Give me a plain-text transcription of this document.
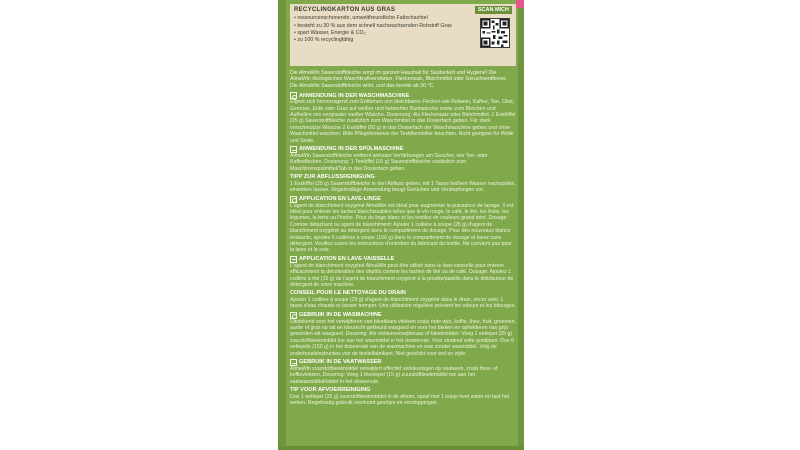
RECYCLINGKARTON AUS GRAS
• ressourcenschonende, umweltfreundliche Faltschachtel
• besteht zu 30 % aus dem schnell nachwachsenden Rohstoff Gras
• spart Wasser, Energie & CO₂
• zu 100 % recyclingfähig
SCAN MICH
Die AlmaWin Sauerstoffbleiche sorgt im ganzen Haushalt für Sauberkeit und Hygiene! Die AlmaWin ökologischen Waschkraftverstärker, Fleckensalz, Bleichmittel oder Geruchsentferner. Die AlmaWin Sauerstoffbleiche wirkt, und das bereits ab 30 °C.
ANWENDUNG IN DER WASCHMASCHINE
Eignet sich hervorragend zum Entfernen von bleichbaren Flecken wie Rotwein, Kaffee, Tee, Obst, Gemüse, Erde oder Gras auf weißer und farbechter Buntwäsche sowie zum Bleichen und Aufhellen von vergrauter weißer Wäsche. Dosierung: Als Fleckensalz oder Bleichmittel, 1 Esslöffel (25 g) Sauerstoffbleiche zusätzlich zum Waschmittel in das Dosierfach geben. Für stark verschmutzte Wäsche 2 Esslöffel (50 g) in das Dosierfach der Waschmaschine geben und ohne Waschmittel waschen. Bitte Pflegehinweise der Textilhersteller beachten. Nicht geeignet für Wolle und Seide.
ANWENDUNG IN DER SPÜLMASCHINE
AlmaWin Sauerstoffbleiche entfernt wirksam Verfärbungen am Geschirr, wie Tee- oder Kaffeeflecken. Dosierung: 1 Teelöffel (15 g) Sauerstoffbleiche zusätzlich zum Maschinenspülmittel/Tab in das Dosierfach geben.
TIPP ZUR ABFLUSSREINIGUNG
1 Esslöffel (25 g) Sauerstoffbleiche in den Abfluss geben, mit 1 Tasse heißem Wasser nachspülen, einwirken lassen. Regelmäßige Anwendung beugt Gerüchen und Verstopfungen vor.
APPLICATION EN LAVE-LINGE
L'agent de blanchiment oxygéné AlmaWin est idéal pour augmenter la puissance de lavage. Il est idéal pour enlever les taches blanchissables telles que le vin rouge, le café, le thé, les fruits, les légumes, la terre ou l'herbe. Pour du linge blanc et les textiles de couleurs grand teint. Dosage : Comme détachant ou agent de blanchiment: Ajouter 1 cuillère à soupe (25 g) d'agent de blanchiment oxygéné au détergent dans le compartiment de dosage. Pour des nouveaux blancs éclatants, ajoutez 6 cuillères à soupe (150 g) dans le compartiment de dosage et lavez sans détergent. Veuillez suivre les instructions d'entretien du fabricant du textile. Ne convient pas pour la laine et la soie.
APPLICATION EN LAVE-VAISSELLE
L'agent de blanchiment oxygéné AlmaWin peut être utilisé dans le lave-vaisselle pour enlever efficacement la décoloration des dépôts comme les taches de thé ou de café. Dosage: Ajoutez 1 cuillère à thé (15 g) de l'agent de blanchiment oxygéné à la poudre/pastille dans le distributeur de détergent de votre machine.
CONSEIL POUR LE NETTOYAGE DU DRAIN
Ajouter 1 cuillère à soupe (25 g) d'agent de blanchiment oxygéné dans le drain, rincer avec 1 tasse d'eau chaude et laisser tremper. Une utilisation régulière prévient les odeurs et les blocages.
GEBRUIK IN DE WASMACHINE
Uitstekend voor het verwijderen van bleekbare vlekken zoals rode wijn, koffie, thee, fruit, groenten, aarde of gras op wit en kleurecht gekleurd wasgoed en voor het bleken en ophelderen van grijs geworden wit wasgoed. Dosering: Als vlekkenverwijderaar of bleekmiddel: Voeg 1 eetlepel (25 g) zuurstofbleekmiddel toe aan het wasmiddel in het doseervak. Voor stralend witte gordijnen: Doe 6 eetlepels (150 g) in het doseervak van de wasmachine en was zonder wasmiddel. Volg de onderhoudsinstructies van de textielfabrikant. Niet geschikt voor wol en zijde.
GEBRUIK IN DE VAATWASSER
AlmaWin zuurstofbleekmiddel verwijdert effectief verkleuringen op vaatwerk, zoals thee- of koffievlekken. Dosering: Voeg 1 theelepel (15 g) zuurstofbleekmiddel toe aan het vaatwasmiddel/tablet in het doseervak.
TIP VOOR AFVOERREINIGING
Doe 1 eetlepel (25 g) zuurstofbleekmiddel in de afvoer, spoel met 1 kopje heet water en laat het weken. Regelmatig gebruik voorkomt geurtjes en verstoppingen.
